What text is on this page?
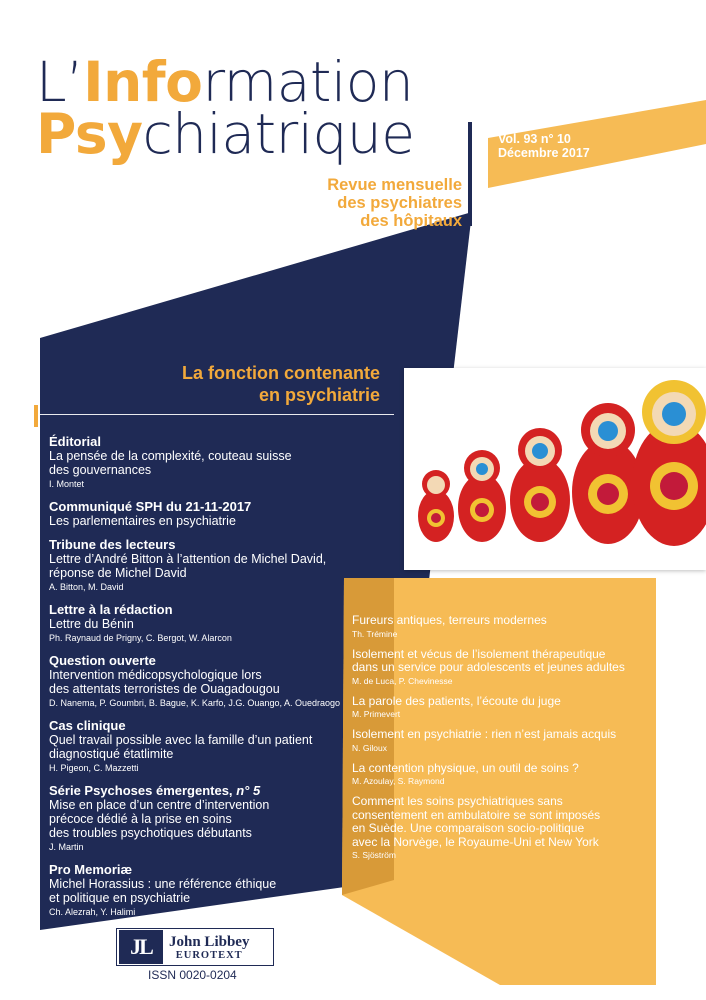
L’Information
Psychiatrique	Vol. 93 n° 10
Décembre 2017
Revue mensuelle
des psychiatres
des hôpitaux
La fonction contenante
en psychiatrie
Éditorial
La pensée de la complexité, couteau suisse
des gouvernances
I. Montet
Communiqué SPH du 21-11-2017
Les parlementaires en psychiatrie
Tribune des lecteurs
Lettre d’André Bitton à l’attention de Michel David,
réponse de Michel David
A. Bitton, M. David
Lettre à la rédaction
Lettre du Bénin
Ph. Raynaud de Prigny, C. Bergot, W. Alarcon
Question ouverte
Intervention médicopsychologique lors
des attentats terroristes de Ouagadougou
D. Nanema, P. Goumbri, B. Bague, K. Karfo, J.G. Ouango, A. Ouedraogo
Cas clinique
Quel travail possible avec la famille d’un patient
diagnostiqué étatlimite
H. Pigeon, C. Mazzetti
Série Psychoses émergentes, n° 5
Mise en place d’un centre d’intervention
précoce dédié à la prise en soins
des troubles psychotiques débutants
J. Martin
Pro Memoriæ
Michel Horassius : une référence éthique
et politique en psychiatrie
Ch. Alezrah, Y. Halimi
Fureurs antiques, terreurs modernes
Th. Trémine
Isolement et vécus de l’isolement thérapeutique
dans un service pour adolescents et jeunes adultes
M. de Luca, P. Chevinesse
La parole des patients, l’écoute du juge
M. Primevert
Isolement en psychiatrie : rien n’est jamais acquis
N. Giloux
La contention physique, un outil de soins ?
M. Azoulay, S. Raymond
Comment les soins psychiatriques sans
consentement en ambulatoire se sont imposés
en Suède. Une comparaison socio-politique
avec la Norvège, le Royaume-Uni et New York
S. Sjöström
JL	John Libbey
EUROTEXT
ISSN 0020-0204
